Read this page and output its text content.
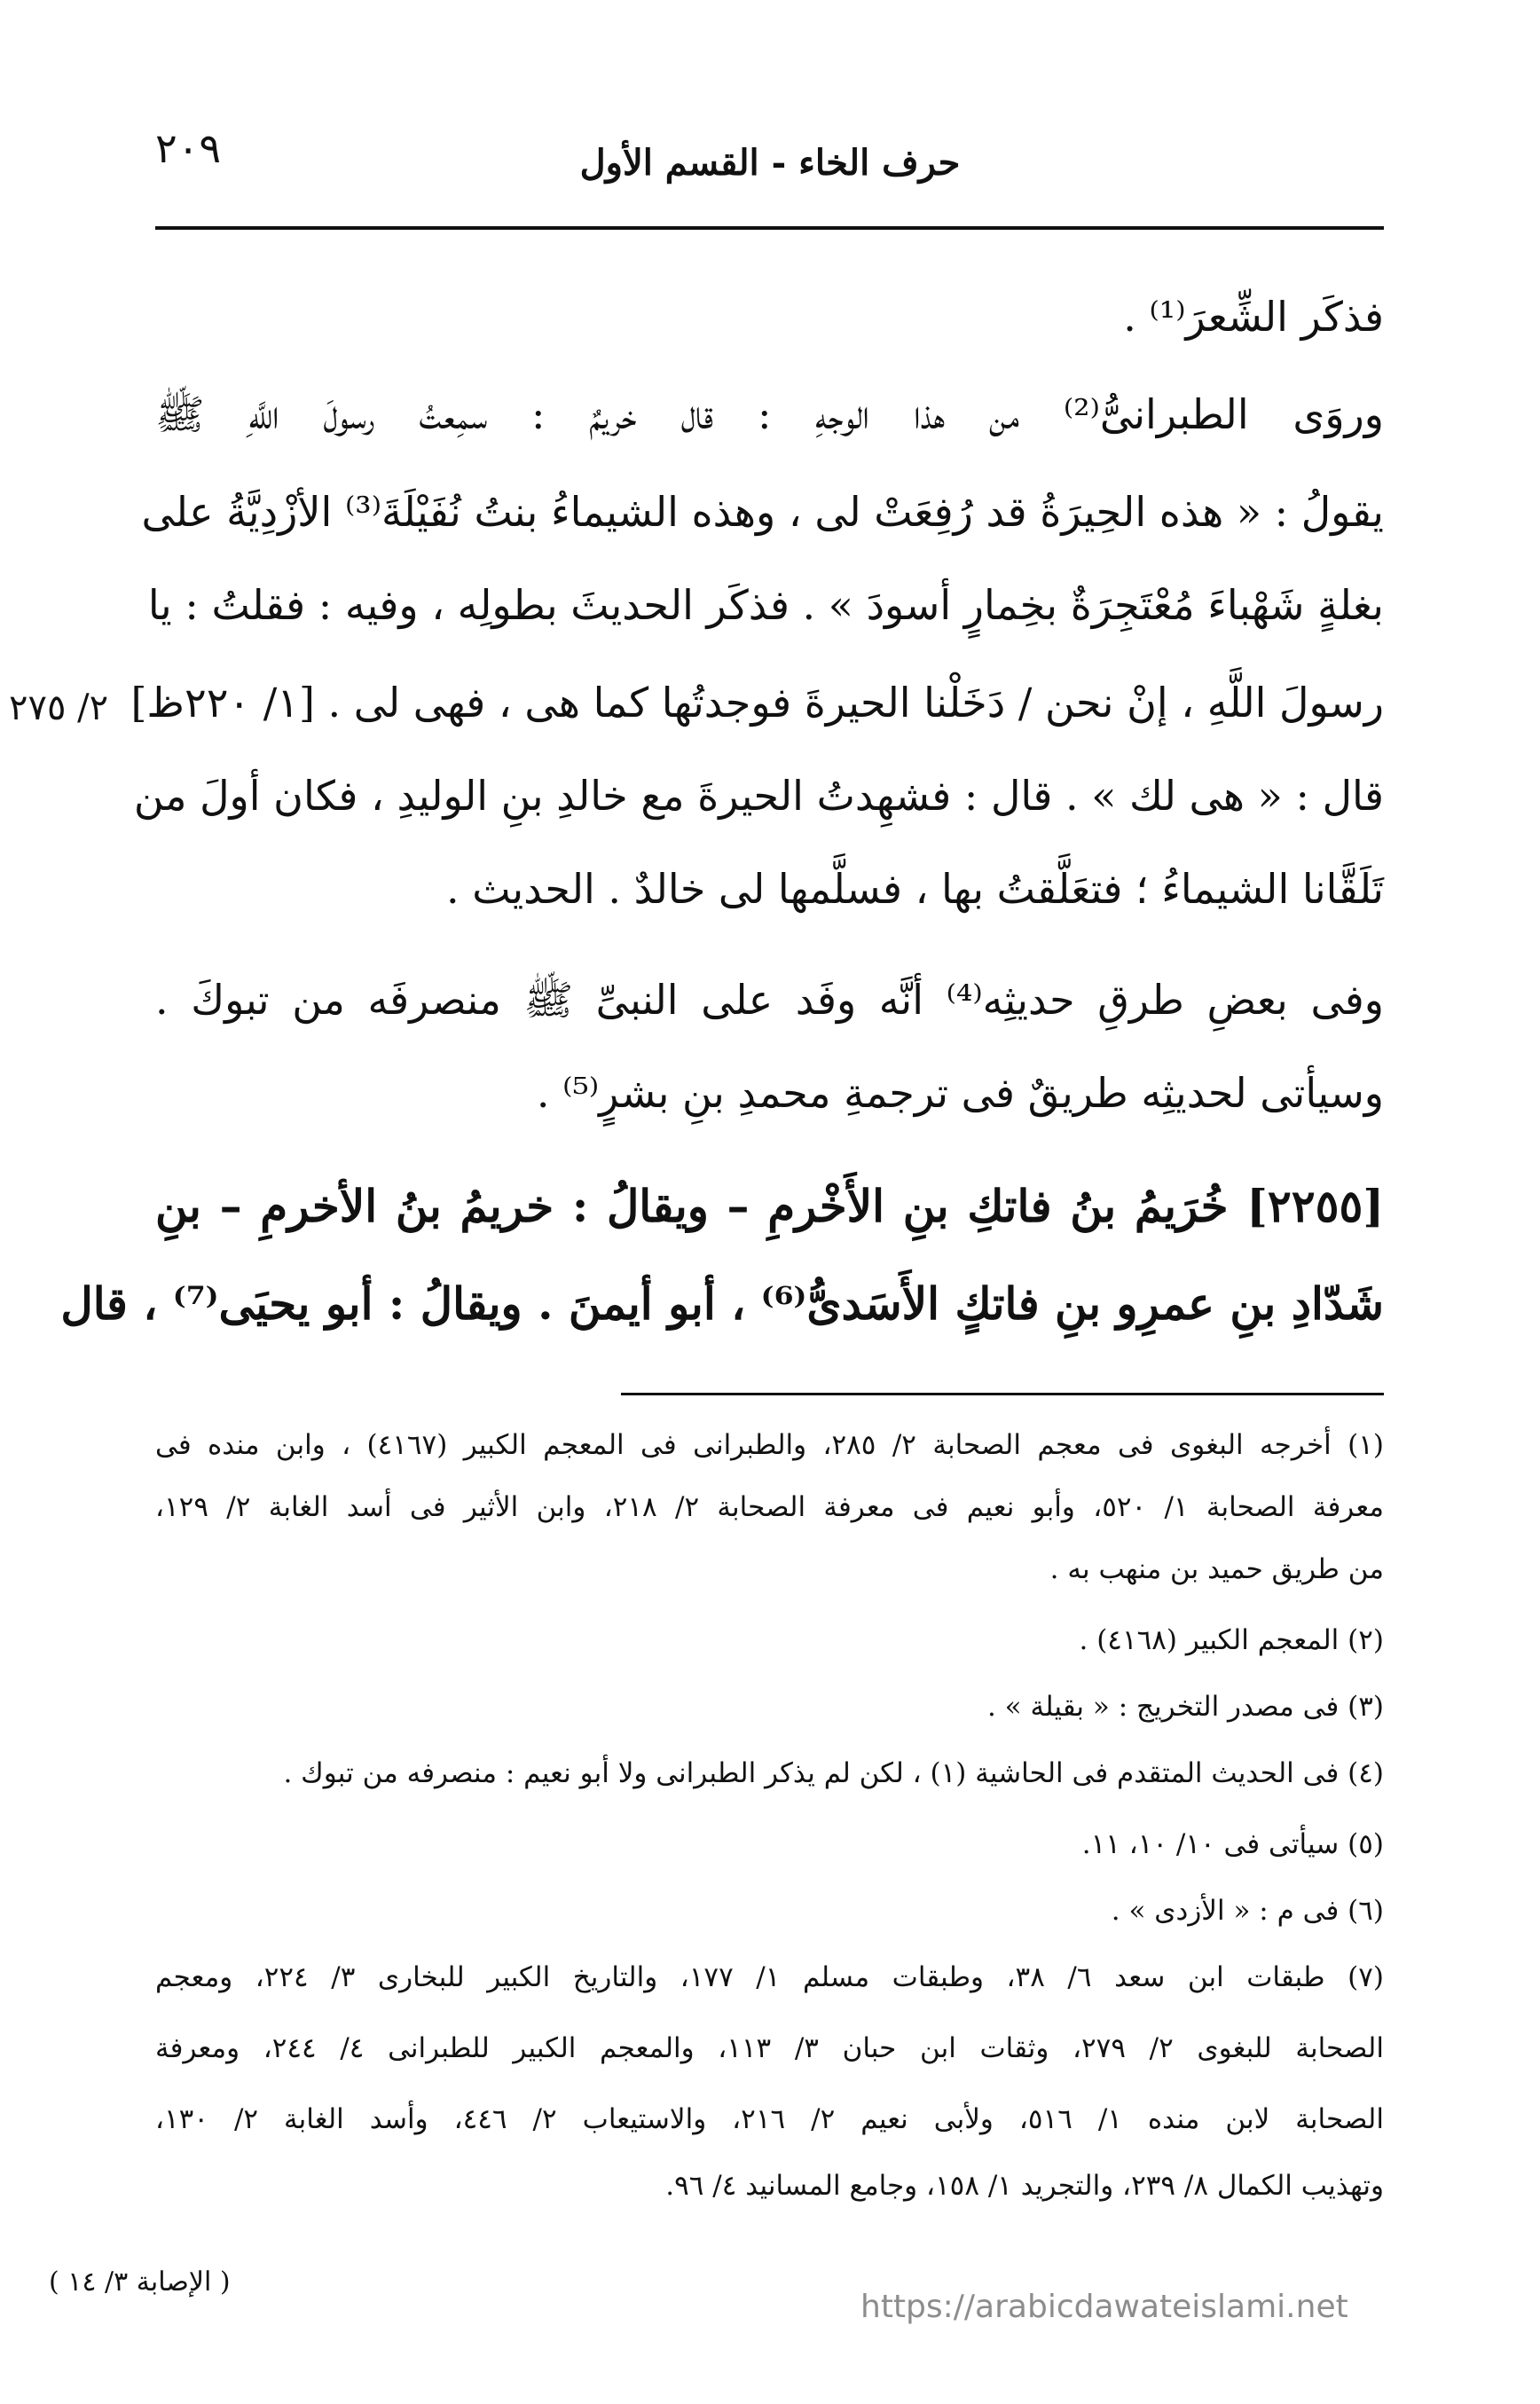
٢٠٩	حرف الخاء - القسم الأول
فذكَر الشِّعرَ⁽¹⁾ .
وروَى الطبرانىُّ⁽²⁾ من هذا الوجهِ : قال خريمٌ : سمِعتُ رسولَ اللَّهِ ﷺ
يقولُ : « هذه الحِيرَةُ قد رُفِعَتْ لى ، وهذه الشيماءُ بنتُ نُفَيْلَةَ⁽³⁾ الأزْدِيَّةُ على
بغلةٍ شَهْباءَ مُعْتَجِرَةٌ بخِمارٍ أسودَ » . فذكَر الحديثَ بطولِه ، وفيه : فقلتُ : يا
رسولَ اللَّهِ ، إنْ نحن / دَخَلْنا الحيرةَ فوجدتُها كما هى ، فهى لى . [١/ ٢٢٠ظ]
قال : « هى لك » . قال : فشهِدتُ الحيرةَ مع خالدِ بنِ الوليدِ ، فكان أولَ من
تَلَقَّانا الشيماءُ ؛ فتعَلَّقتُ بها ، فسلَّمها لى خالدٌ . الحديث .
وفى بعضِ طرقِ حديثِه⁽⁴⁾ أنَّه وفَد على النبىِّ ﷺ منصرفَه من تبوكَ .
وسيأتى لحديثِه طريقٌ فى ترجمةِ محمدِ بنِ بشرٍ⁽⁵⁾ .
[٢٢٥٥] خُرَيمُ بنُ فاتكِ بنِ الأَخْرمِ – ويقالُ : خريمُ بنُ الأخرمِ – بنِ
شَدّادِ بنِ عمرِو بنِ فاتكٍ الأَسَدىُّ⁽⁶⁾ ، أبو أيمنَ . ويقالُ : أبو يحيَى⁽⁷⁾ ، قال
٢/ ٢٧٥
(١) أخرجه البغوى فى معجم الصحابة ٢/ ٢٨٥، والطبرانى فى المعجم الكبير (٤١٦٧) ، وابن منده فى
معرفة الصحابة ١/ ٥٢٠، وأبو نعيم فى معرفة الصحابة ٢/ ٢١٨، وابن الأثير فى أسد الغابة ٢/ ١٢٩،
من طريق حميد بن منهب به .
(٢) المعجم الكبير (٤١٦٨) .
(٣) فى مصدر التخريج : « بقيلة » .
(٤) فى الحديث المتقدم فى الحاشية (١) ، لكن لم يذكر الطبرانى ولا أبو نعيم : منصرفه من تبوك .
(٥) سيأتى فى ١٠/ ١٠، ١١.
(٦) فى م : « الأزدى » .
(٧) طبقات ابن سعد ٦/ ٣٨، وطبقات مسلم ١/ ١٧٧، والتاريخ الكبير للبخارى ٣/ ٢٢٤، ومعجم
الصحابة للبغوى ٢/ ٢٧٩، وثقات ابن حبان ٣/ ١١٣، والمعجم الكبير للطبرانى ٤/ ٢٤٤، ومعرفة
الصحابة لابن منده ١/ ٥١٦، ولأبى نعيم ٢/ ٢١٦، والاستيعاب ٢/ ٤٤٦، وأسد الغابة ٢/ ١٣٠،
وتهذيب الكمال ٨/ ٢٣٩، والتجريد ١/ ١٥٨، وجامع المسانيد ٤/ ٩٦.
( الإصابة ٣/ ١٤ )
https://arabicdawateislami.net
